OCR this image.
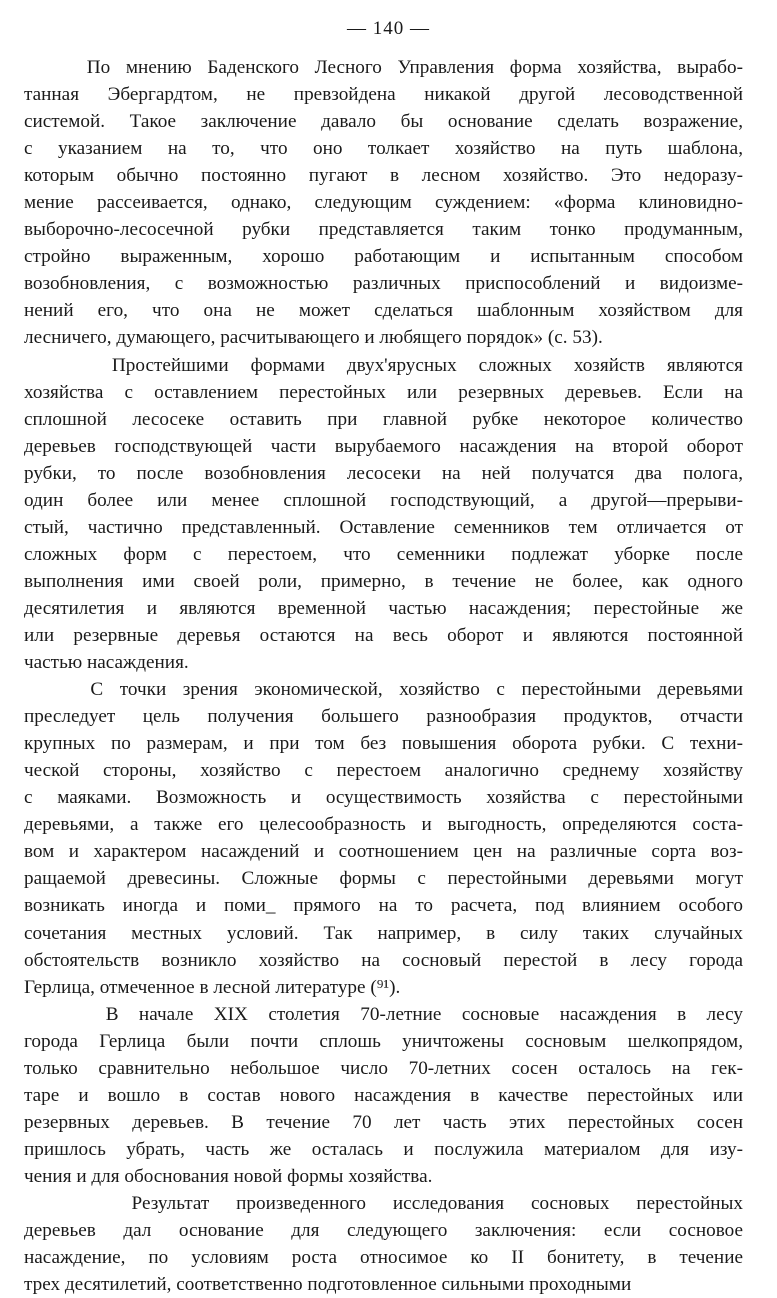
— 140 —
По мнению Баденского Лесного Управления форма хозяйства, вырабо-
танная Эбергардтом, не превзойдена никакой другой лесоводственной
системой. Такое заключение давало бы основание сделать возражение,
с указанием на то, что оно толкает хозяйство на путь шаблона,
которым обычно постоянно пугают в лесном хозяйство. Это недоразу-
мение рассеивается, однако, следующим суждением: «форма клиновидно-
выборочно-лесосечной рубки представляется таким тонко продуманным,
стройно выраженным, хорошо работающим и испытанным способом
возобновления, с возможностью различных приспособлений и видоизме-
нений его, что она не может сделаться шаблонным хозяйством для
лесничего, думающего, расчитывающего и любящего порядок» (с. 53).
Простейшими формами двух'ярусных сложных хозяйств являются
хозяйства с оставлением перестойных или резервных деревьев. Если на
сплошной лесосеке оставить при главной рубке некоторое количество
деревьев господствующей части вырубаемого насаждения на второй оборот
рубки, то после возобновления лесосеки на ней получатся два полога,
один более или менее сплошной господствующий, а другой—прерыви-
стый, частично представленный. Оставление семенников тем отличается от
сложных форм с перестоем, что семенники подлежат уборке после
выполнения ими своей роли, примерно, в течение не более, как одного
десятилетия и являются временной частью насаждения; перестойные же
или резервные деревья остаются на весь оборот и являются постоянной
частью насаждения.
С точки зрения экономической, хозяйство с перестойными деревьями
преследует цель получения большего разнообразия продуктов, отчасти
крупных по размерам, и при том без повышения оборота рубки. С техни-
ческой стороны, хозяйство с перестоем аналогично среднему хозяйству
с маяками. Возможность и осуществимость хозяйства с перестойными
деревьями, а также его целесообразность и выгодность, определяются соста-
вом и характером насаждений и соотношением цен на различные сорта воз-
ращаемой древесины. Сложные формы с перестойными деревьями могут
возникать иногда и поми_ прямого на то расчета, под влиянием особого
сочетания местных условий. Так например, в силу таких случайных
обстоятельств возникло хозяйство на сосновый перестой в лесу города
Герлица, отмеченное в лесной литературе (⁹¹).
В начале XIX столетия 70-летние сосновые насаждения в лесу
города Герлица были почти сплошь уничтожены сосновым шелкопрядом,
только сравнительно небольшое число 70-летних сосен осталось на гек-
таре и вошло в состав нового насаждения в качестве перестойных или
резервных деревьев. В течение 70 лет часть этих перестойных сосен
пришлось убрать, часть же осталась и послужила материалом для изу-
чения и для обоснования новой формы хозяйства.
Результат произведенного исследования сосновых перестойных
деревьев дал основание для следующего заключения: если сосновое
насаждение, по условиям роста относимое ко II бонитету, в течение
трех десятилетий, соответственно подготовленное сильными проходными
